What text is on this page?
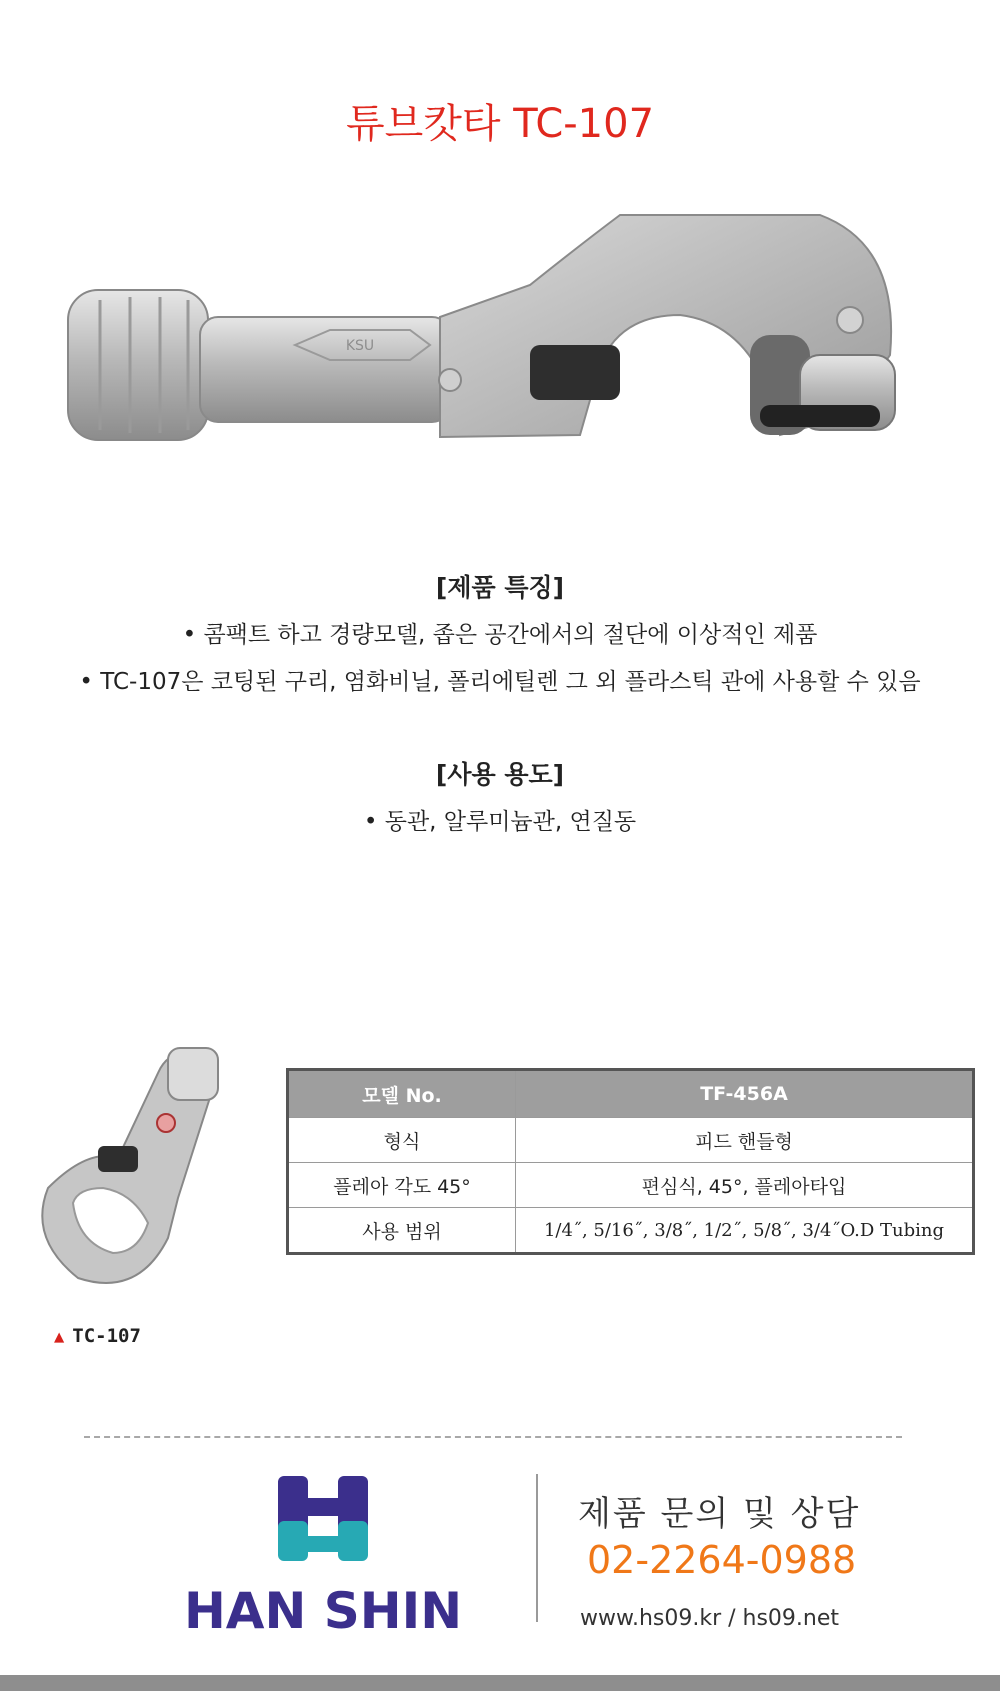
튜브캇타 TC-107
KSU
[제품 특징]
• 콤팩트 하고 경량모델, 좁은 공간에서의 절단에 이상적인 제품
• TC-107은 코팅된 구리, 염화비닐, 폴리에틸렌 그 외 플라스틱 관에 사용할 수 있음
[사용 용도]
• 동관, 알루미늄관, 연질동
▲ TC-107
모델 No.	TF-456A
형식	피드 핸들형
플레아 각도 45°	편심식, 45°, 플레아타입
사용 범위	1/4˝, 5/16˝, 3/8˝, 1/2˝, 5/8˝, 3/4˝O.D Tubing
HAN SHIN
제품 문의 및 상담
02-2264-0988
www.hs09.kr / hs09.net
